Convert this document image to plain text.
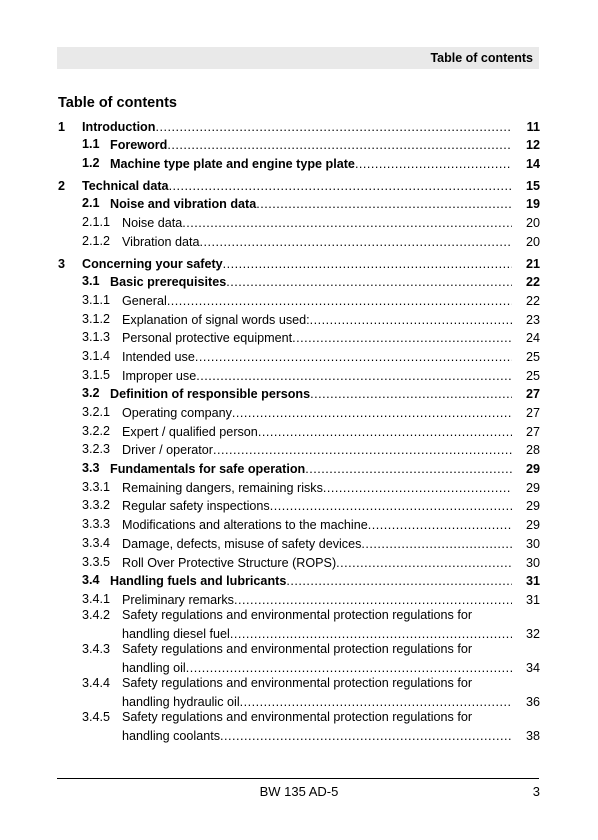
Table of contents
Table of contents
1	Introduction .....	11
1.1 Foreword .....	12
1.2 Machine type plate and engine type plate .....	14
2	Technical data .....	15
2.1 Noise and vibration data .....	19
2.1.1 Noise data .....	20
2.1.2 Vibration data .....	20
3	Concerning your safety .....	21
3.1 Basic prerequisites .....	22
3.1.1 General .....	22
3.1.2 Explanation of signal words used: .....	23
3.1.3 Personal protective equipment .....	24
3.1.4 Intended use .....	25
3.1.5 Improper use .....	25
3.2 Definition of responsible persons .....	27
3.2.1 Operating company .....	27
3.2.2 Expert / qualified person .....	27
3.2.3 Driver / operator .....	28
3.3 Fundamentals for safe operation .....	29
3.3.1 Remaining dangers, remaining risks .....	29
3.3.2 Regular safety inspections .....	29
3.3.3 Modifications and alterations to the machine .....	29
3.3.4 Damage, defects, misuse of safety devices .....	30
3.3.5 Roll Over Protective Structure (ROPS) .....	30
3.4 Handling fuels and lubricants .....	31
3.4.1 Preliminary remarks .....	31
3.4.2 Safety regulations and environmental protection regulations for
handling diesel fuel .....	32
3.4.3 Safety regulations and environmental protection regulations for
handling oil .....	34
3.4.4 Safety regulations and environmental protection regulations for
handling hydraulic oil .....	36
3.4.5 Safety regulations and environmental protection regulations for
handling coolants .....	38
BW 135 AD-5	3
